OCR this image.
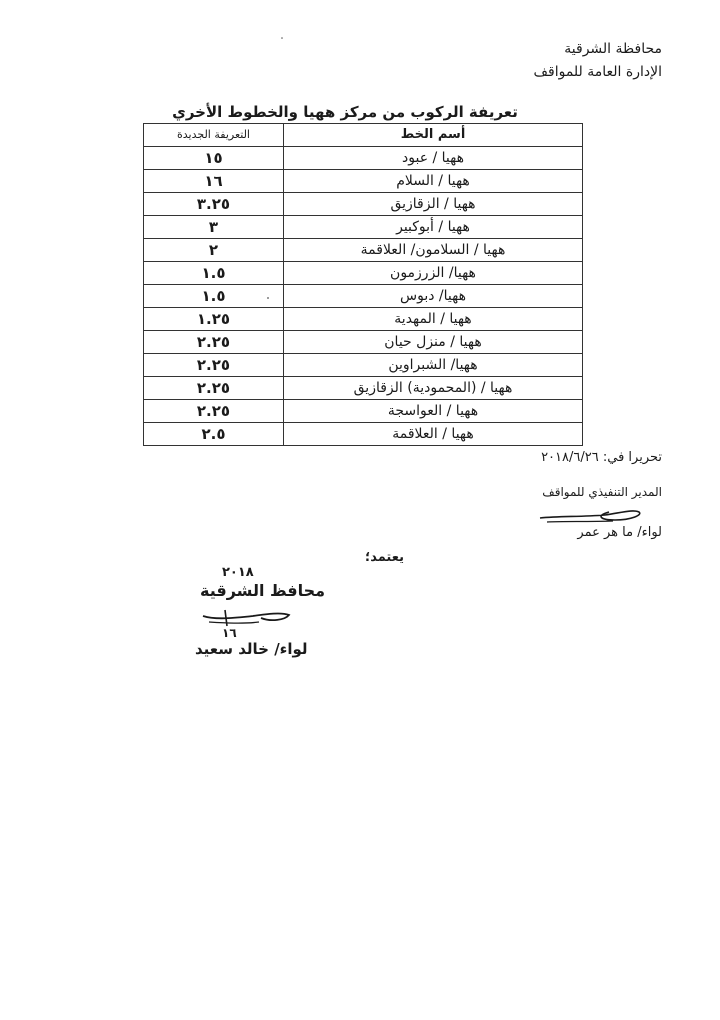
محافظة الشرقية
الإدارة العامة للمواقف
تعريفة الركوب من مركز ههيا والخطوط الأخري
أسم الخط	التعريفة الجديدة
ههيا / عبود	١٥
ههيا / السلام	١٦
ههيا / الزقازيق	٣.٢٥
ههيا / أبوكبير	٣
ههيا / السلامون/ العلاقمة	٢
ههيا/ الزرزمون	١.٥
ههيا/ دبوس	١.٥
ههيا / المهدية	١.٢٥
ههيا / منزل حيان	٢.٢٥
ههيا/ الشبراوين	٢.٢٥
ههيا / (المحمودية) الزقازيق	٢.٢٥
ههيا / العواسجة	٢.٢٥
ههيا / العلاقمة	٢.٥
تحريرا في: ٢٠١٨/٦/٢٦
المدير التنفيذي للمواقف
لواء/ ما هر عمر
يعتمد؛
٢٠١٨
محافظ الشرقية
١٦
لواء/ خالد سعيد
